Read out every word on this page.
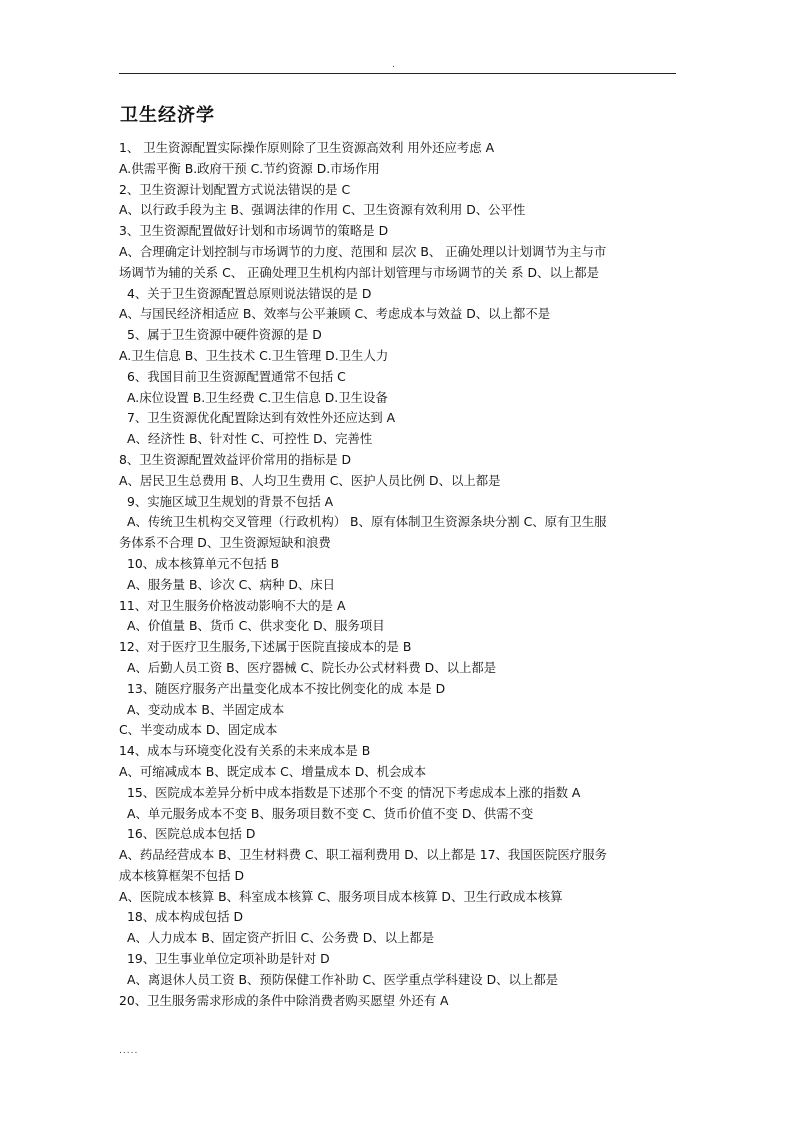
.
卫生经济学
1、 卫生资源配置实际操作原则除了卫生资源高效利 用外还应考虑 A
A.供需平衡 B.政府干预 C.节约资源 D.市场作用
2、卫生资源计划配置方式说法错误的是 C
A、以行政手段为主 B、强调法律的作用 C、卫生资源有效利用 D、公平性
3、卫生资源配置做好计划和市场调节的策略是 D
A、合理确定计划控制与市场调节的力度、范围和 层次 B、 正确处理以计划调节为主与市
场调节为辅的关系 C、 正确处理卫生机构内部计划管理与市场调节的关 系 D、以上都是
4、关于卫生资源配置总原则说法错误的是 D
A、与国民经济相适应 B、效率与公平兼顾 C、考虑成本与效益 D、以上都不是
5、属于卫生资源中硬件资源的是 D
A.卫生信息 B、卫生技术 C.卫生管理 D.卫生人力
6、我国目前卫生资源配置通常不包括 C
A.床位设置 B.卫生经费 C.卫生信息 D.卫生设备
7、卫生资源优化配置除达到有效性外还应达到 A
A、经济性 B、针对性 C、可控性 D、完善性
8、卫生资源配置效益评价常用的指标是 D
A、居民卫生总费用 B、人均卫生费用 C、医护人员比例 D、以上都是
9、实施区域卫生规划的背景不包括 A
A、传统卫生机构交叉管理（行政机构） B、原有体制卫生资源条块分割 C、原有卫生服
务体系不合理 D、卫生资源短缺和浪费
10、成本核算单元不包括 B
A、服务量 B、诊次 C、病种 D、床日
11、对卫生服务价格波动影响不大的是 A
A、价值量 B、货币 C、供求变化 D、服务项目
12、对于医疗卫生服务,下述属于医院直接成本的是 B
A、后勤人员工资 B、医疗器械 C、院长办公式材料费 D、以上都是
13、随医疗服务产出量变化成本不按比例变化的成 本是 D
A、变动成本 B、半固定成本
C、半变动成本 D、固定成本
14、成本与环境变化没有关系的未来成本是 B
A、可缩减成本 B、既定成本 C、增量成本 D、机会成本
15、医院成本差异分析中成本指数是下述那个不变 的情况下考虑成本上涨的指数 A
A、单元服务成本不变 B、服务项目数不变 C、货币价值不变 D、供需不变
16、医院总成本包括 D
A、药品经营成本 B、卫生材料费 C、职工福利费用 D、以上都是 17、我国医院医疗服务
成本核算框架不包括 D
A、医院成本核算 B、科室成本核算 C、服务项目成本核算 D、卫生行政成本核算
18、成本构成包括 D
A、人力成本 B、固定资产折旧 C、公务费 D、以上都是
19、卫生事业单位定项补助是针对 D
A、离退休人员工资 B、预防保健工作补助 C、医学重点学科建设 D、以上都是
20、卫生服务需求形成的条件中除消费者购买愿望 外还有 A
.....
